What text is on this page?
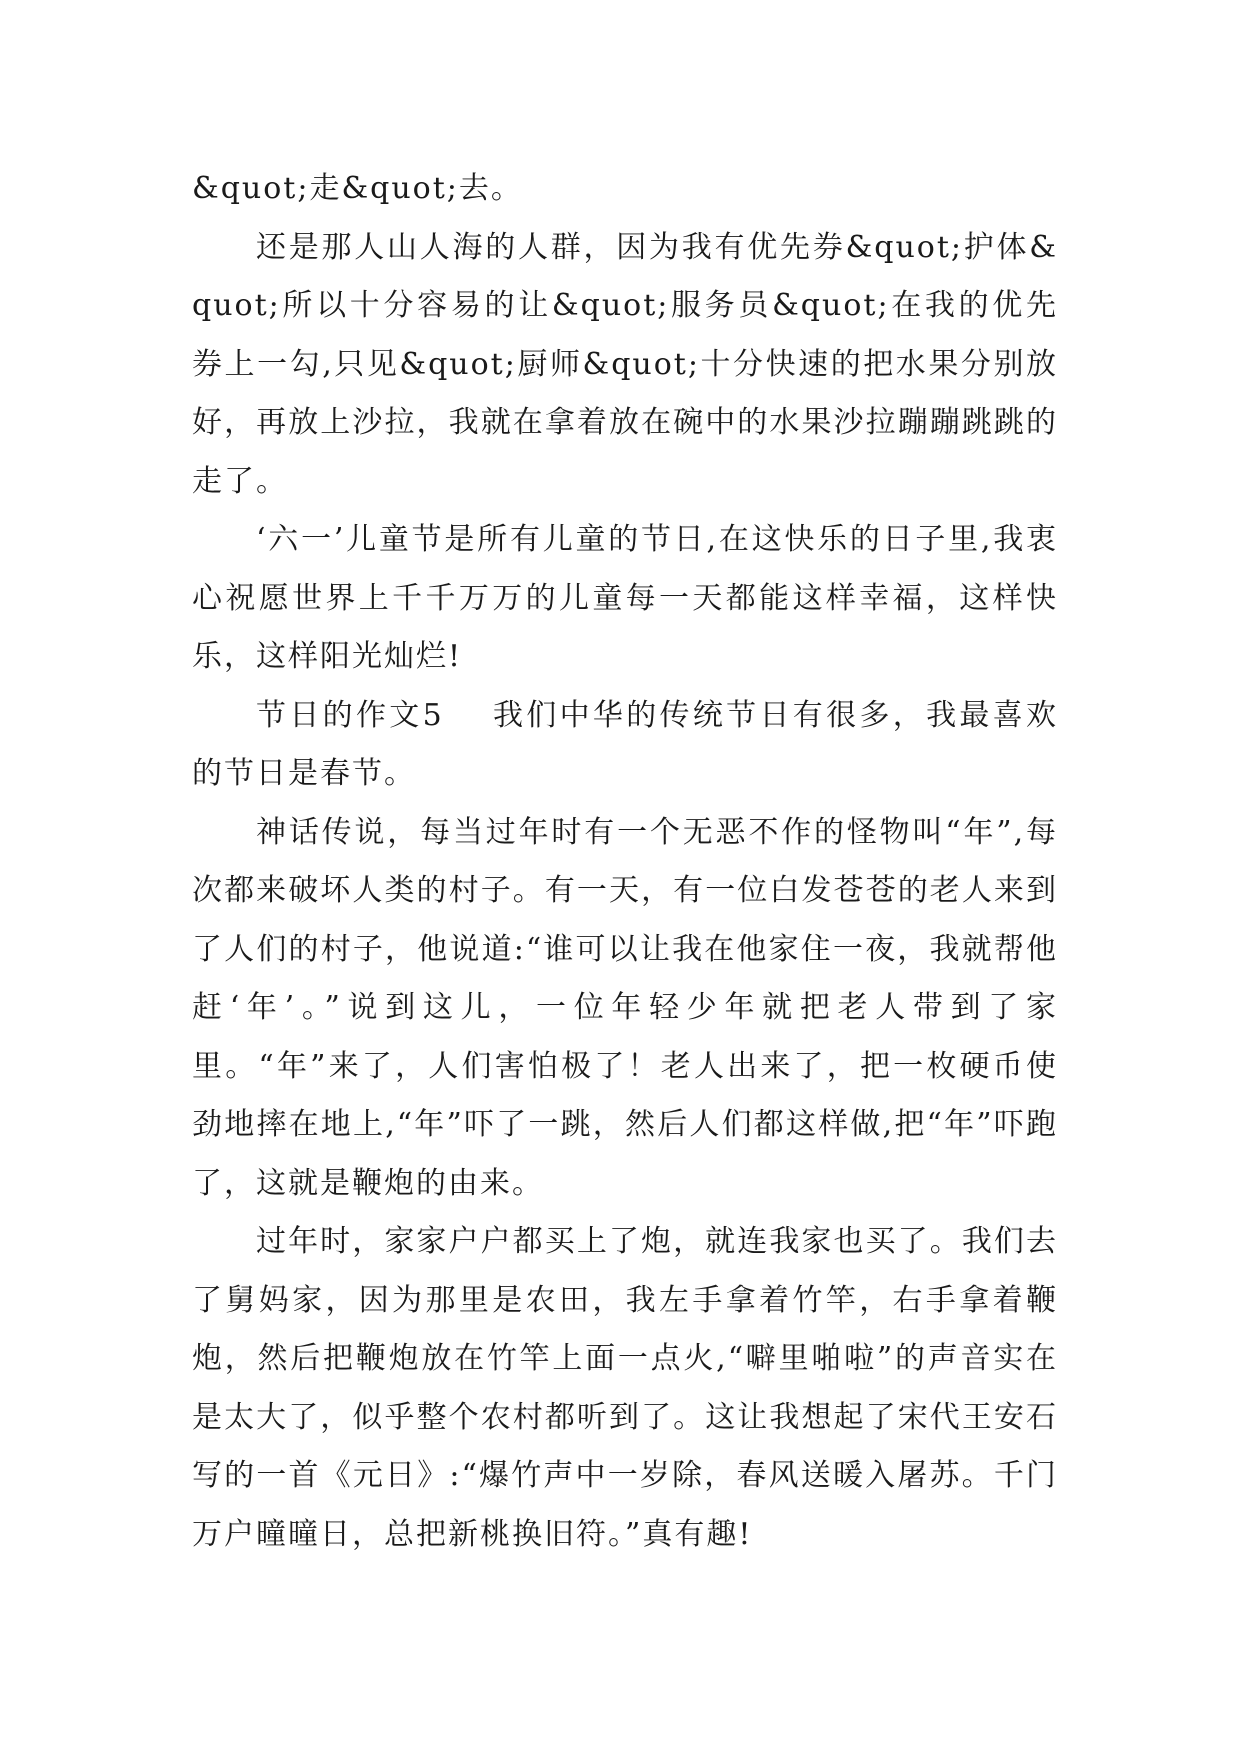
&quot;走&quot;去。

还是那人山人海的人群，因为我有优先券&quot;护体&quot;所以十分容易的让&quot;服务员&quot;在我的优先券上一勾,只见&quot;厨师&quot;十分快速的把水果分别放好，再放上沙拉，我就在拿着放在碗中的水果沙拉蹦蹦跳跳的走了。

‘六一’儿童节是所有儿童的节日,在这快乐的日子里,我衷心祝愿世界上千千万万的儿童每一天都能这样幸福，这样快乐，这样阳光灿烂!

节日的作文5 我们中华的传统节日有很多，我最喜欢的节日是春节。

神话传说，每当过年时有一个无恶不作的怪物叫“年”,每次都来破坏人类的村子。有一天，有一位白发苍苍的老人来到了人们的村子，他说道:“谁可以让我在他家住一夜，我就帮他赶‘年’。”说到这儿，一位年轻少年就把老人带到了家里。“年”来了，人们害怕极了！老人出来了，把一枚硬币使劲地摔在地上,“年”吓了一跳，然后人们都这样做,把“年”吓跑了，这就是鞭炮的由来。

过年时，家家户户都买上了炮，就连我家也买了。我们去了舅妈家，因为那里是农田，我左手拿着竹竿，右手拿着鞭炮，然后把鞭炮放在竹竿上面一点火,“噼里啪啦”的声音实在是太大了，似乎整个农村都听到了。这让我想起了宋代王安石写的一首《元日》:“爆竹声中一岁除，春风送暖入屠苏。千门万户曈曈日，总把新桃换旧符。”真有趣!
